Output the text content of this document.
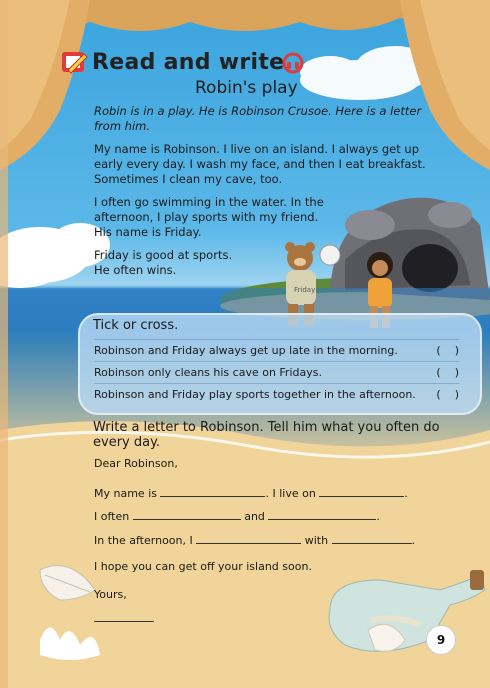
Friday
Read and write
Robin's play
Robin is in a play. He is Robinson Crusoe. Here is a letter from him.
My name is Robinson. I live on an island. I always get up early every day. I wash my face, and then I eat breakfast. Sometimes I clean my cave, too.
I often go swimming in the water. In the afternoon, I play sports with my friend. His name is Friday.
Friday is good at sports. He often wins.
Tick or cross.
Robinson and Friday always get up late in the morning.	(    )
Robinson only cleans his cave on Fridays.	(    )
Robinson and Friday play sports together in the afternoon. (    )
Write a letter to Robinson. Tell him what you often do every day.
Dear Robinson,
My name is	. I live on	.
I often	and	.
In the afternoon, I	with	.
I hope you can get off your island soon.
Yours,
9
